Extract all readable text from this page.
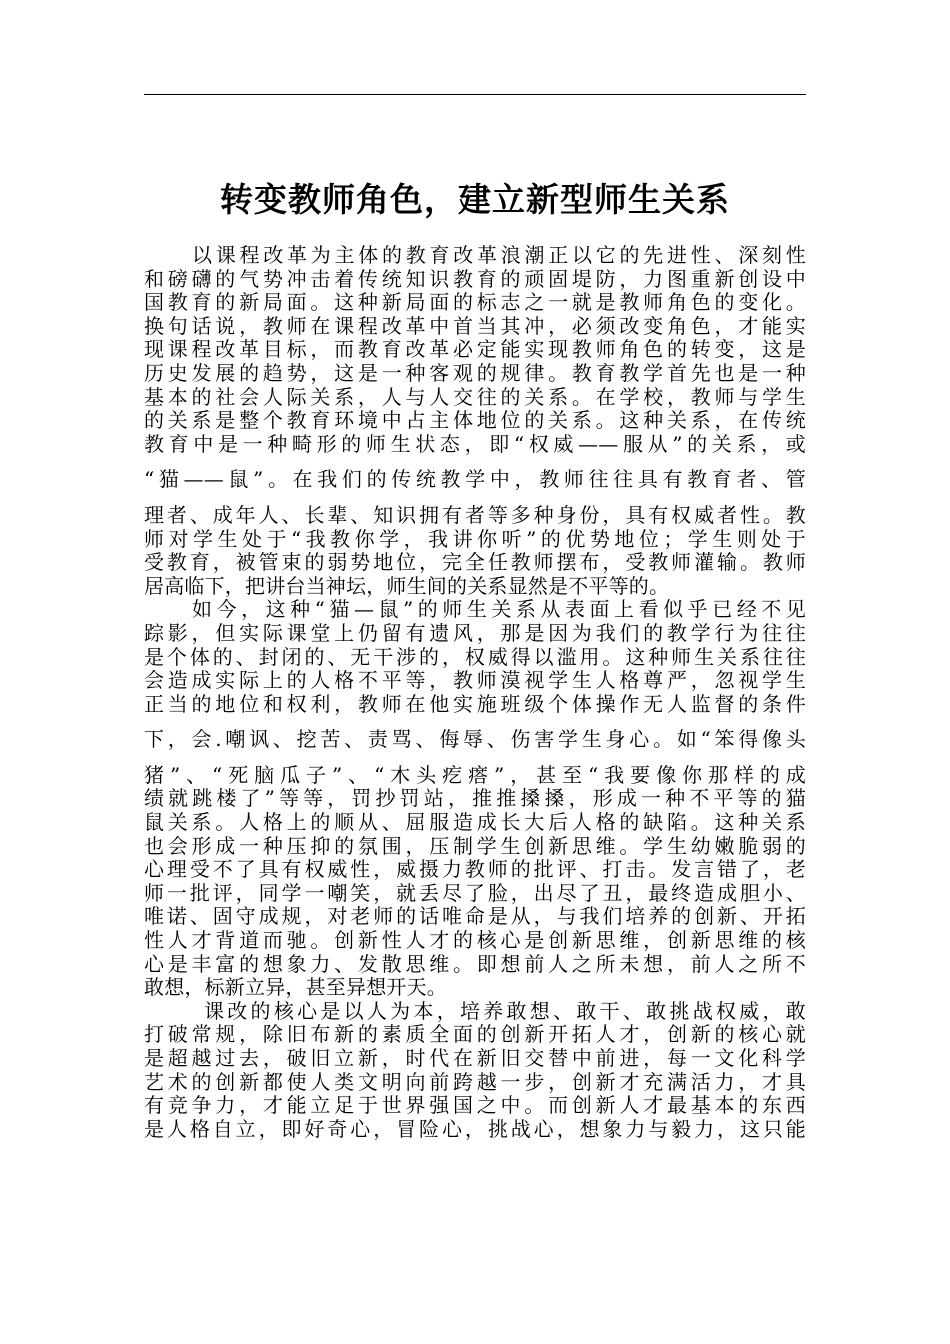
转变教师角色，建立新型师生关系
以课程改革为主体的教育改革浪潮正以它的先进性、深刻性
和磅礴的气势冲击着传统知识教育的顽固堤防，力图重新创设中
国教育的新局面。这种新局面的标志之一就是教师角色的变化。
换句话说，教师在课程改革中首当其冲，必须改变角色，才能实
现课程改革目标，而教育改革必定能实现教师角色的转变，这是
历史发展的趋势，这是一种客观的规律。教育教学首先也是一种
基本的社会人际关系，人与人交往的关系。在学校，教师与学生
的关系是整个教育环境中占主体地位的关系。这种关系，在传统
教育中是一种畸形的师生状态，即“权威——服从”的关系，或
“猫——鼠”。在我们的传统教学中，教师往往具有教育者、管
理者、成年人、长辈、知识拥有者等多种身份，具有权威者性。教
师对学生处于“我教你学，我讲你听”的优势地位；学生则处于
受教育，被管束的弱势地位，完全任教师摆布，受教师灌输。教师
居高临下，把讲台当神坛，师生间的关系显然是不平等的。
如今，这种“猫—鼠”的师生关系从表面上看似乎已经不见
踪影，但实际课堂上仍留有遗风，那是因为我们的教学行为往往
是个体的、封闭的、无干涉的，权威得以滥用。这种师生关系往往
会造成实际上的人格不平等，教师漠视学生人格尊严，忽视学生
正当的地位和权利，教师在他实施班级个体操作无人监督的条件
下，会.嘲讽、挖苦、责骂、侮辱、伤害学生身心。如“笨得像头
猪”、“死脑瓜子”、“木头疙瘩”，甚至“我要像你那样的成
绩就跳楼了”等等，罚抄罚站，推推搡搡，形成一种不平等的猫
鼠关系。人格上的顺从、屈服造成长大后人格的缺陷。这种关系
也会形成一种压抑的氛围，压制学生创新思维。学生幼嫩脆弱的
心理受不了具有权威性，威摄力教师的批评、打击。发言错了，老
师一批评，同学一嘲笑，就丢尽了脸，出尽了丑，最终造成胆小、
唯诺、固守成规，对老师的话唯命是从，与我们培养的创新、开拓
性人才背道而驰。创新性人才的核心是创新思维，创新思维的核
心是丰富的想象力、发散思维。即想前人之所未想，前人之所不
敢想，标新立异，甚至异想开天。
课改的核心是以人为本，培养敢想、敢干、敢挑战权威，敢
打破常规，除旧布新的素质全面的创新开拓人才，创新的核心就
是超越过去，破旧立新，时代在新旧交替中前进，每一文化科学
艺术的创新都使人类文明向前跨越一步，创新才充满活力，才具
有竞争力，才能立足于世界强国之中。而创新人才最基本的东西
是人格自立，即好奇心，冒险心，挑战心，想象力与毅力，这只能
